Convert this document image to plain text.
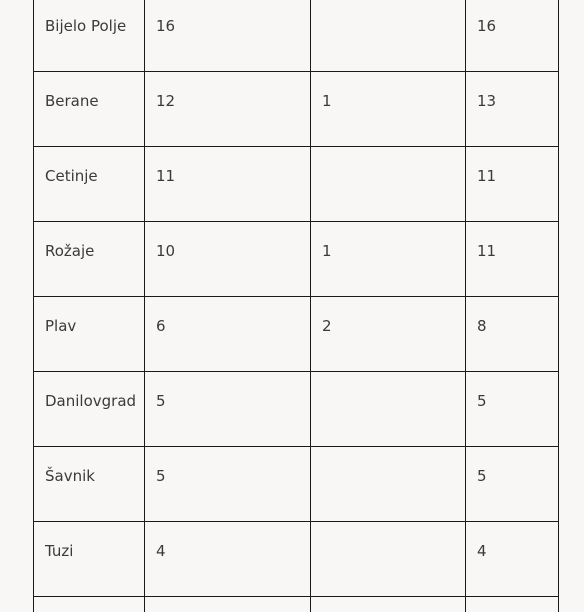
Bijelo Polje	16		16

Berane	12	1	13

Cetinje	11		11

Rožaje	10	1	11

Plav	6	2	8

Danilovgrad	5		5

Šavnik	5		5

Tuzi	4		4
